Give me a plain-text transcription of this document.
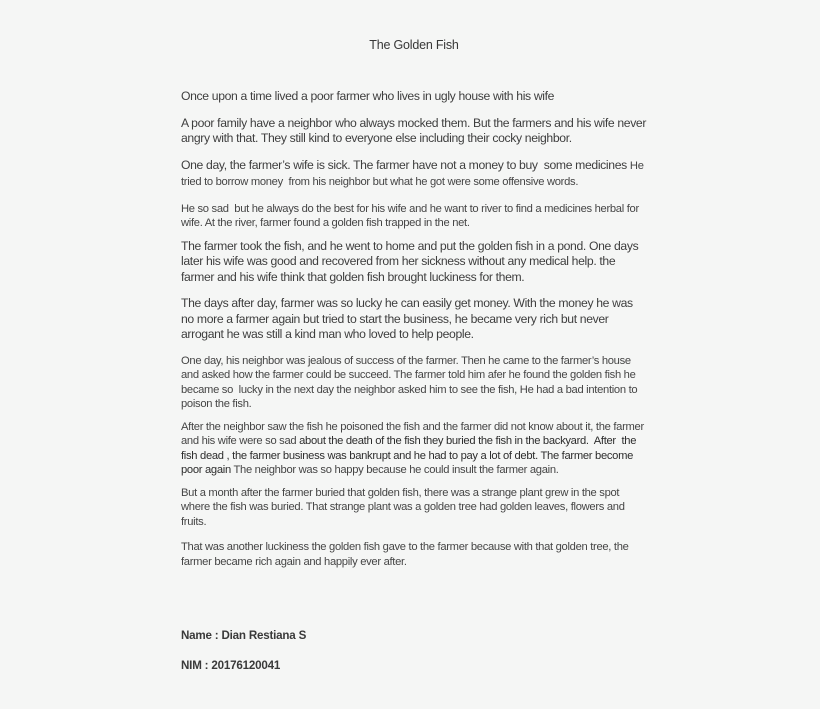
The Golden Fish

Once upon a time lived a poor farmer who lives in ugly house with his wife

A poor family have a neighbor who always mocked them. But the farmers and his wife never angry with that. They still kind to everyone else including their cocky neighbor.

One day, the farmer’s wife is sick. The farmer have not a money to buy  some medicines He tried to borrow money  from his neighbor but what he got were some offensive words.

He so sad  but he always do the best for his wife and he want to river to find a medicines herbal for wife. At the river, farmer found a golden fish trapped in the net.

The farmer took the fish, and he went to home and put the golden fish in a pond. One days later his wife was good and recovered from her sickness without any medical help. the farmer and his wife think that golden fish brought luckiness for them.

The days after day, farmer was so lucky he can easily get money. With the money he was no more a farmer again but tried to start the business, he became very rich but never arrogant he was still a kind man who loved to help people.

One day, his neighbor was jealous of success of the farmer. Then he came to the farmer’s house and asked how the farmer could be succeed. The farmer told him afer he found the golden fish he became so  lucky in the next day the neighbor asked him to see the fish, He had a bad intention to poison the fish.

After the neighbor saw the fish he poisoned the fish and the farmer did not know about it, the farmer and his wife were so sad about the death of the fish they buried the fish in the backyard.  After  the fish dead , the farmer business was bankrupt and he had to pay a lot of debt. The farmer become poor again The neighbor was so happy because he could insult the farmer again.

But a month after the farmer buried that golden fish, there was a strange plant grew in the spot where the fish was buried. That strange plant was a golden tree had golden leaves, flowers and fruits.

That was another luckiness the golden fish gave to the farmer because with that golden tree, the farmer became rich again and happily ever after.

Name : Dian Restiana S
NIM : 20176120041
